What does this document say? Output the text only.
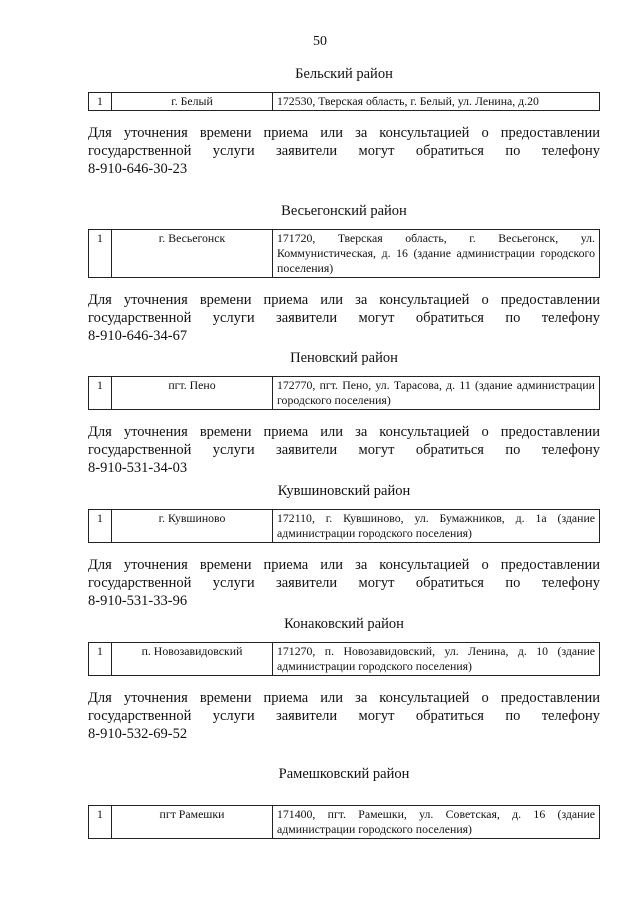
50
Бельский район
1	г. Белый	172530, Тверская область, г. Белый, ул. Ленина, д.20
Для уточнения времени приема или за консультацией о предоставлении
государственной услуги заявители могут обратиться по телефону
8-910-646-30-23
Весьегонский район
1	г. Весьегонск	171720, Тверская область, г. Весьегонск, ул. Коммунистическая, д. 16 (здание администрации городского поселения)
Для уточнения времени приема или за консультацией о предоставлении
государственной услуги заявители могут обратиться по телефону
8-910-646-34-67
Пеновский район
1	пгт. Пено	172770, пгт. Пено, ул. Тарасова, д. 11 (здание администрации городского поселения)
Для уточнения времени приема или за консультацией о предоставлении
государственной услуги заявители могут обратиться по телефону
8-910-531-34-03
Кувшиновский район
1	г. Кувшиново	172110, г. Кувшиново, ул. Бумажников, д. 1а (здание администрации городского поселения)
Для уточнения времени приема или за консультацией о предоставлении
государственной услуги заявители могут обратиться по телефону
8-910-531-33-96
Конаковский район
1	п. Новозавидовский	171270, п. Новозавидовский, ул. Ленина, д. 10 (здание администрации городского поселения)
Для уточнения времени приема или за консультацией о предоставлении
государственной услуги заявители могут обратиться по телефону
8-910-532-69-52
Рамешковский район
1	пгт Рамешки	171400, пгт. Рамешки, ул. Советская, д. 16 (здание администрации городского поселения)
